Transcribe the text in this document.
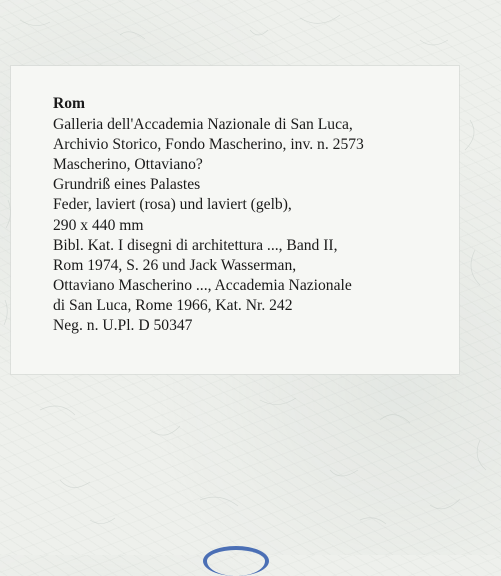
Rom
Galleria dell'Accademia Nazionale di San Luca,
Archivio Storico, Fondo Mascherino, inv. n. 2573
Mascherino, Ottaviano?
Grundriß eines Palastes
Feder, laviert (rosa) und laviert (gelb),
290 x 440 mm
Bibl. Kat. I disegni di architettura ..., Band II,
Rom 1974, S. 26 und Jack Wasserman,
Ottaviano Mascherino ..., Accademia Nazionale
di San Luca, Rome 1966, Kat. Nr. 242
Neg. n. U.Pl. D 50347
